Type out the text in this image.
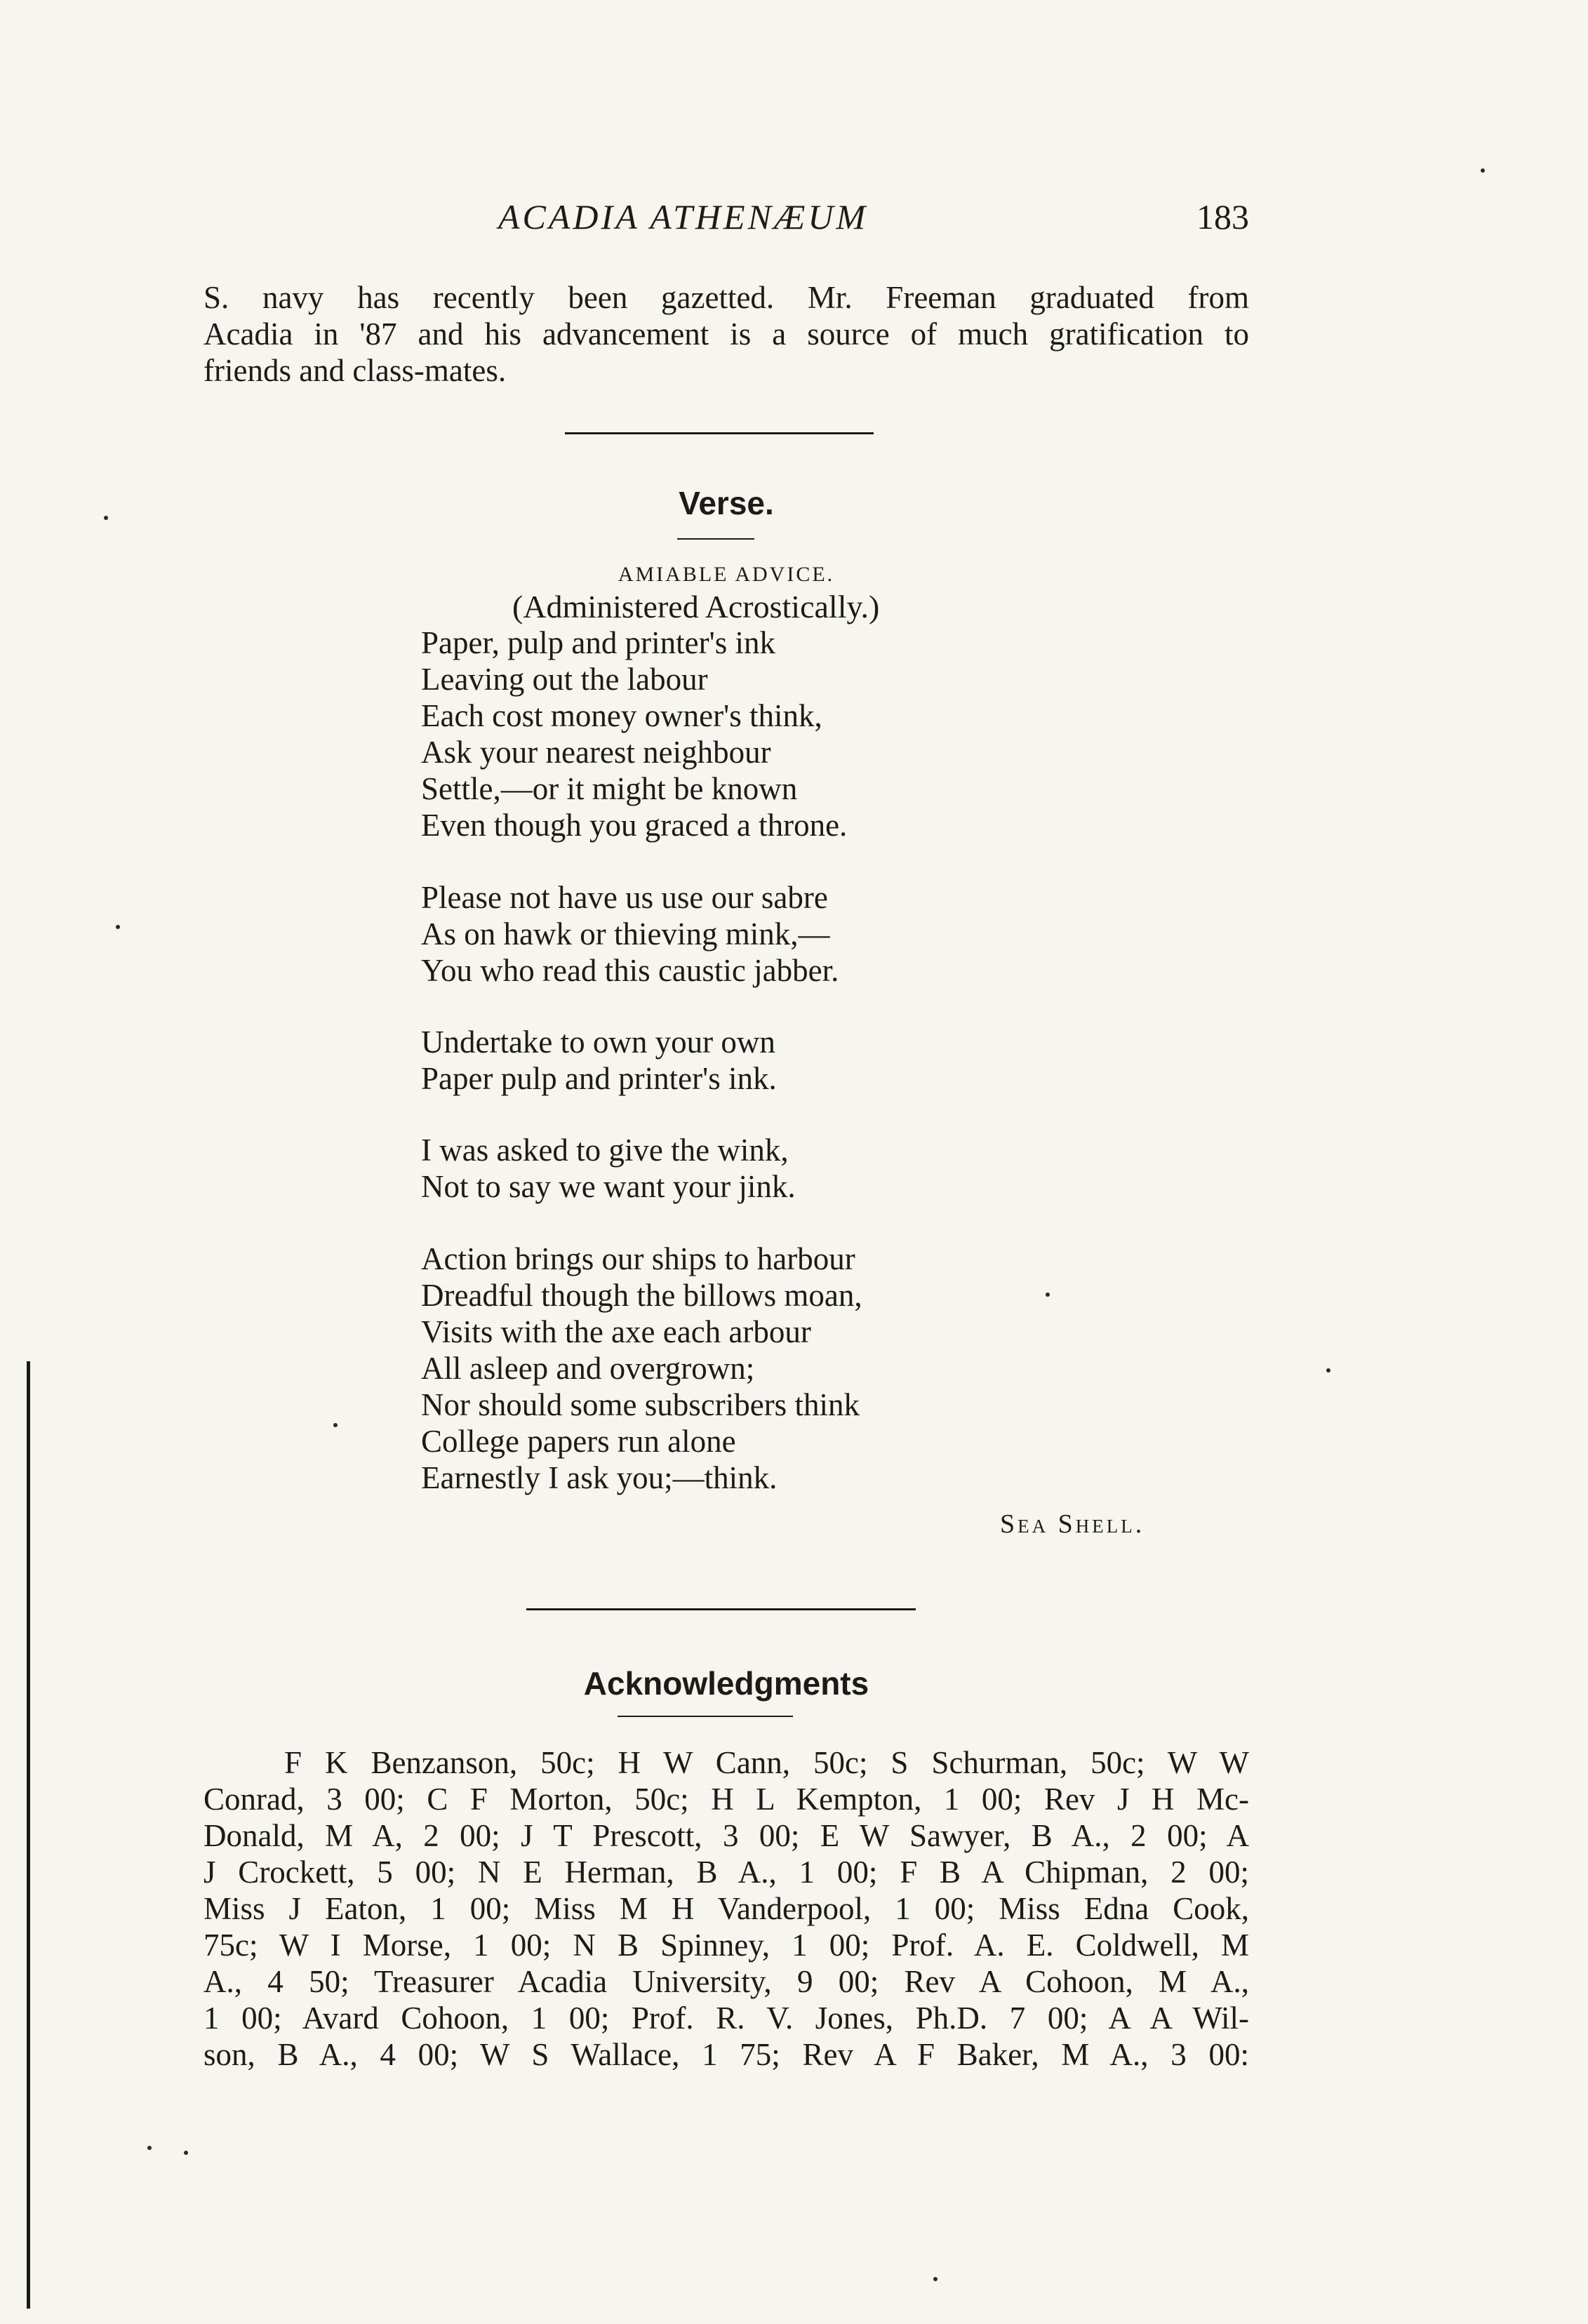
ACADIA ATHENÆUM	183
S. navy has recently been gazetted. Mr. Freeman graduated from
Acadia in '87 and his advancement is a source of much gratification to
friends and class-mates.
Verse.
AMIABLE ADVICE.
(Administered Acrostically.)
Paper, pulp and printer's ink
Leaving out the labour
Each cost money owner's think,
Ask your nearest neighbour
Settle,—or it might be known
Even though you graced a throne.
Please not have us use our sabre
As on hawk or thieving mink,—
You who read this caustic jabber.
Undertake to own your own
Paper pulp and printer's ink.
I was asked to give the wink,
Not to say we want your jink.
Action brings our ships to harbour
Dreadful though the billows moan,
Visits with the axe each arbour
All asleep and overgrown;
Nor should some subscribers think
College papers run alone
Earnestly I ask you;—think.
Sea Shell.
Acknowledgments
F K Benzanson, 50c; H W Cann, 50c; S Schurman, 50c; W W
Conrad, 3 00; C F Morton, 50c; H L Kempton, 1 00; Rev J H Mc-
Donald, M A, 2 00; J T Prescott, 3 00; E W Sawyer, B A., 2 00; A
J Crockett, 5 00; N E Herman, B A., 1 00; F B A Chipman, 2 00;
Miss J Eaton, 1 00; Miss M H Vanderpool, 1 00; Miss Edna Cook,
75c; W I Morse, 1 00; N B Spinney, 1 00; Prof. A. E. Coldwell, M
A., 4 50; Treasurer Acadia University, 9 00; Rev A Cohoon, M A.,
1 00; Avard Cohoon, 1 00; Prof. R. V. Jones, Ph.D. 7 00; A A Wil-
son, B A., 4 00; W S Wallace, 1 75; Rev A F Baker, M A., 3 00:
